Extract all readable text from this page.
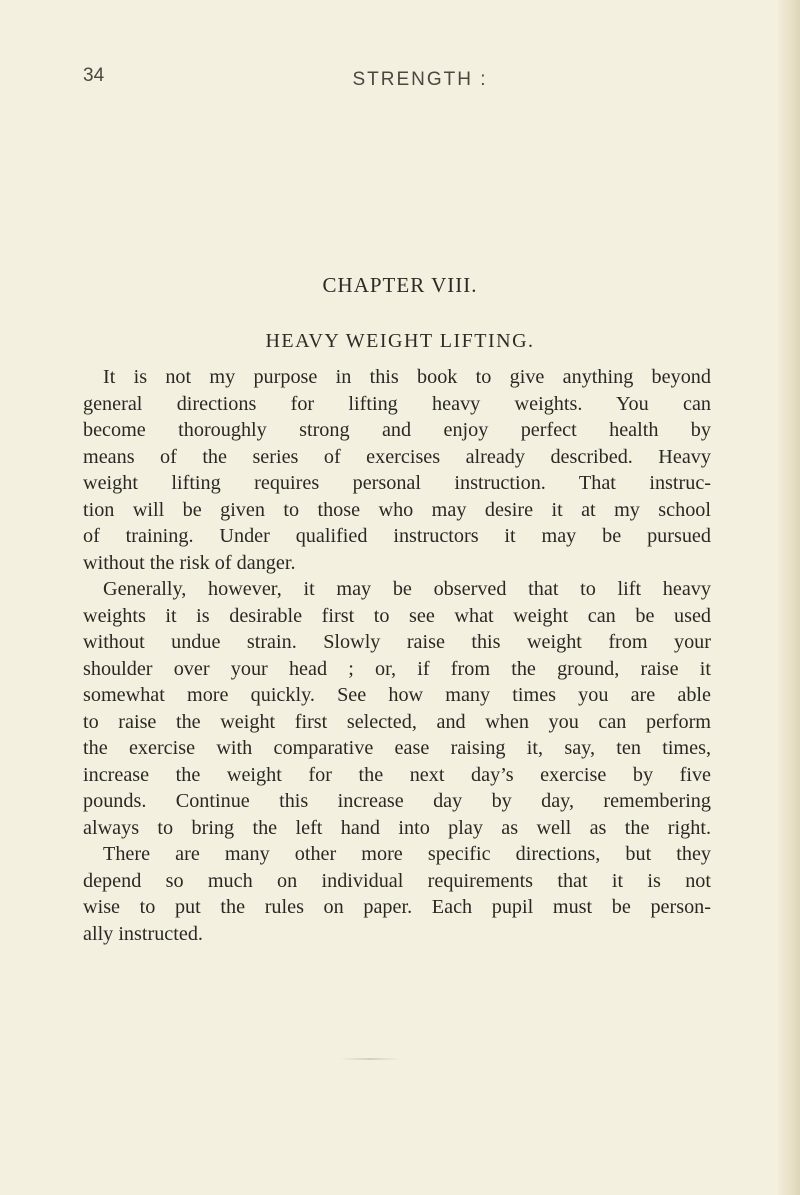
34	STRENGTH :
CHAPTER VIII.
HEAVY WEIGHT LIFTING.
It is not my purpose in this book to give anything beyond
general directions for lifting heavy weights. You can
become thoroughly strong and enjoy perfect health by
means of the series of exercises already described. Heavy
weight lifting requires personal instruction. That instruc-
tion will be given to those who may desire it at my school
of training. Under qualified instructors it may be pursued
without the risk of danger.
Generally, however, it may be observed that to lift heavy
weights it is desirable first to see what weight can be used
without undue strain. Slowly raise this weight from your
shoulder over your head ; or, if from the ground, raise it
somewhat more quickly. See how many times you are able
to raise the weight first selected, and when you can perform
the exercise with comparative ease raising it, say, ten times,
increase the weight for the next day’s exercise by five
pounds. Continue this increase day by day, remembering
always to bring the left hand into play as well as the right.
There are many other more specific directions, but they
depend so much on individual requirements that it is not
wise to put the rules on paper. Each pupil must be person-
ally instructed.
